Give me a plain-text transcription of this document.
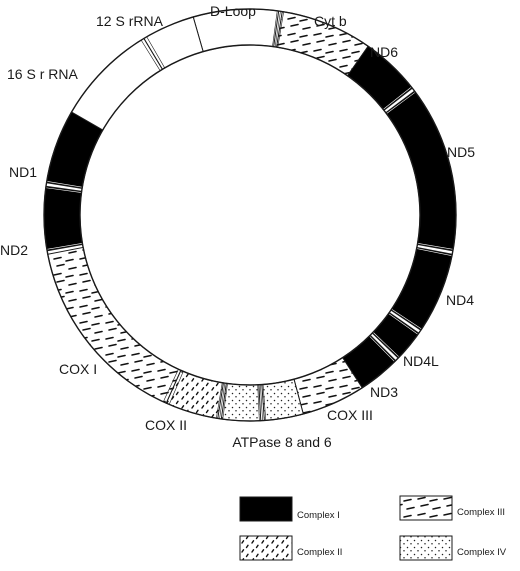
D-Loop
Cyt b
ND6
ND5
ND4
ND4L
ND3
COX III
ATPase 8 and 6
COX II
COX I
ND2
ND1
16 S r RNA
12 S rRNA
Complex I	Complex III
Complex II	Complex IV
